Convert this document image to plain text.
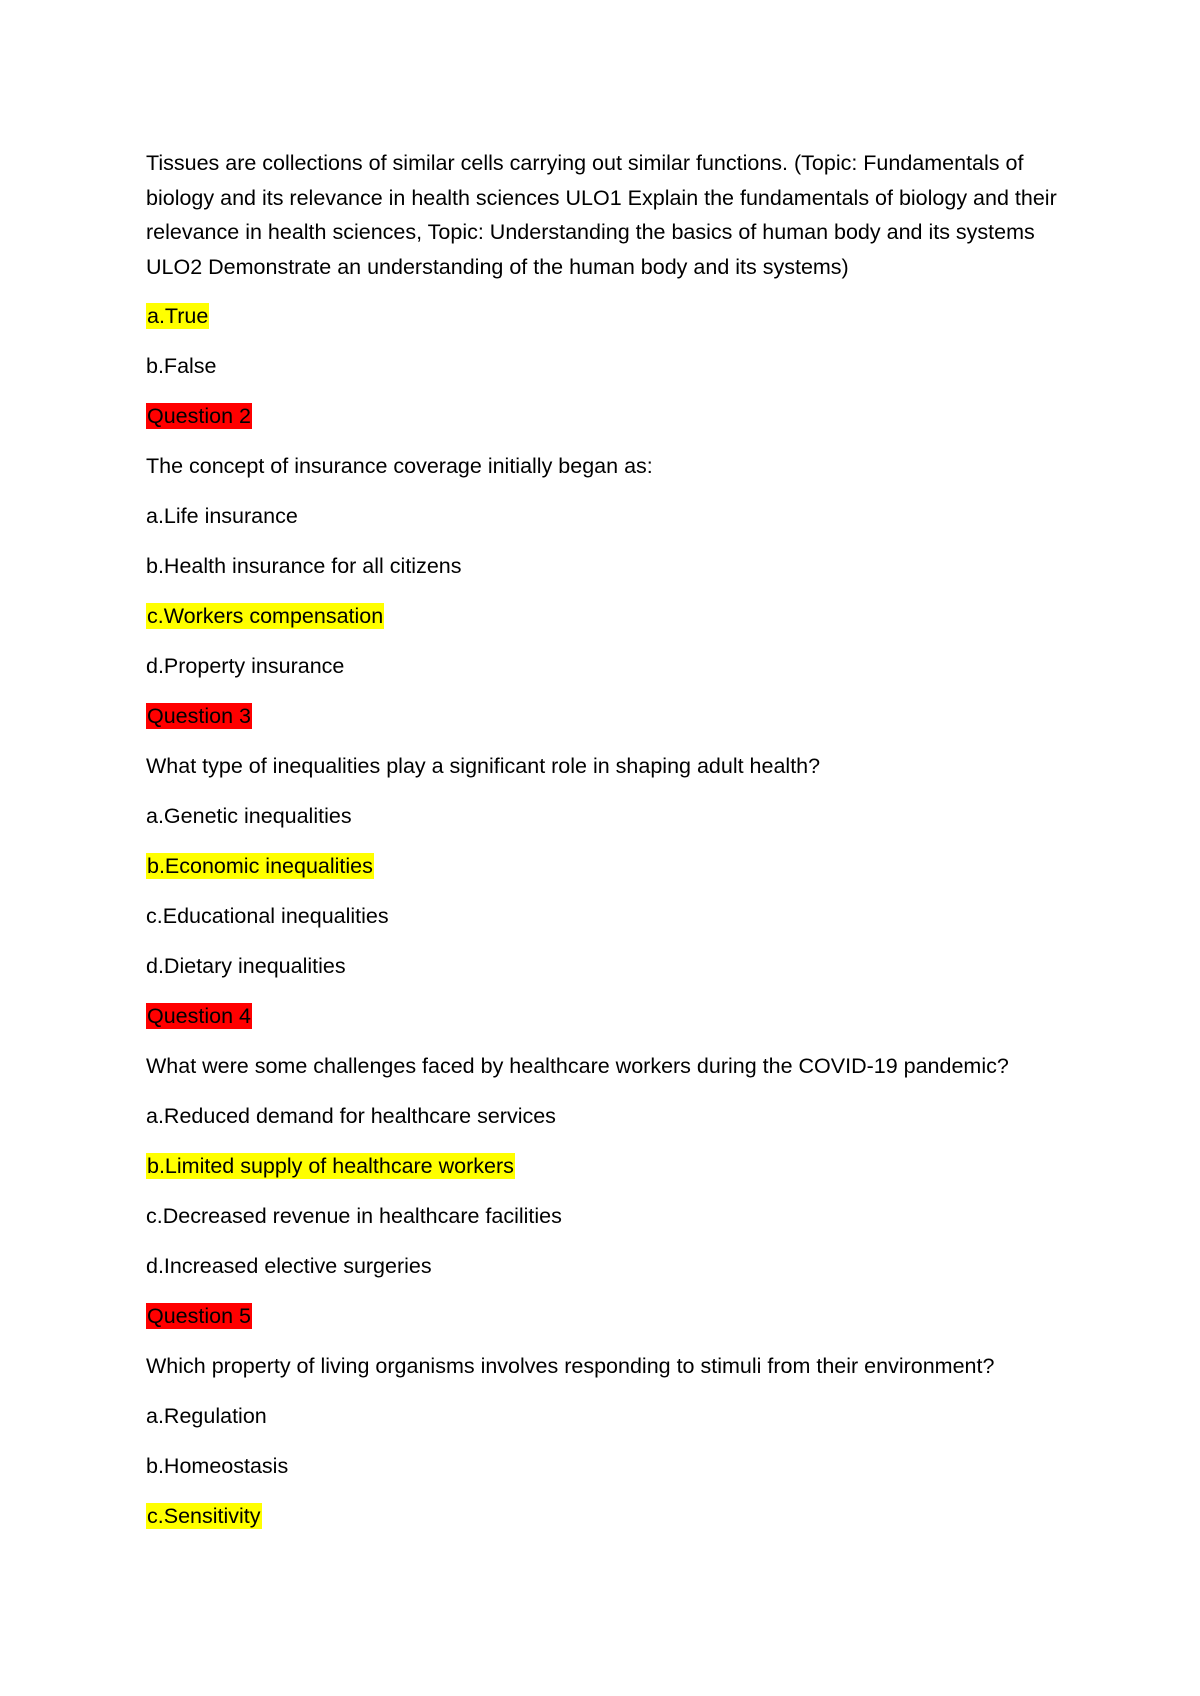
Tissues are collections of similar cells carrying out similar functions. (Topic: Fundamentals of biology and its relevance in health sciences ULO1 Explain the fundamentals of biology and their relevance in health sciences, Topic: Understanding the basics of human body and its systems ULO2 Demonstrate an understanding of the human body and its systems)

a.True
b.False
Question 2
The concept of insurance coverage initially began as:
a.Life insurance
b.Health insurance for all citizens
c.Workers compensation
d.Property insurance
Question 3
What type of inequalities play a significant role in shaping adult health?
a.Genetic inequalities
b.Economic inequalities
c.Educational inequalities
d.Dietary inequalities
Question 4
What were some challenges faced by healthcare workers during the COVID-19 pandemic?
a.Reduced demand for healthcare services
b.Limited supply of healthcare workers
c.Decreased revenue in healthcare facilities
d.Increased elective surgeries
Question 5
Which property of living organisms involves responding to stimuli from their environment?
a.Regulation
b.Homeostasis
c.Sensitivity
